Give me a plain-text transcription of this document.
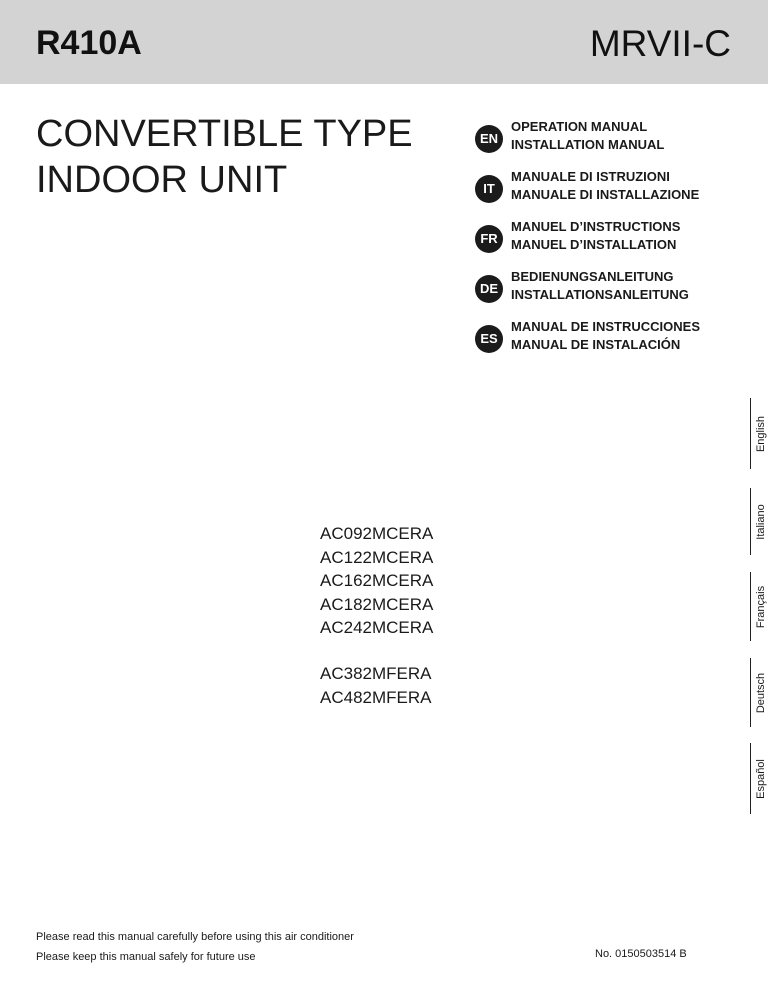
R410A	MRVII-C
CONVERTIBLE TYPE
INDOOR UNIT
EN
OPERATION MANUAL
INSTALLATION MANUAL
IT
MANUALE DI ISTRUZIONI
MANUALE DI INSTALLAZIONE
FR
MANUEL D’INSTRUCTIONS
MANUEL D’INSTALLATION
DE
BEDIENUNGSANLEITUNG
INSTALLATIONSANLEITUNG
ES
MANUAL DE INSTRUCCIONES
MANUAL DE INSTALACIÓN
English
Italiano
Français
Deutsch
Español
AC092MCERA
AC122MCERA
AC162MCERA
AC182MCERA
AC242MCERA
AC382MFERA
AC482MFERA
Please read this manual carefully before using this air conditioner
Please keep this manual safely for future use	No. 0150503514 B
